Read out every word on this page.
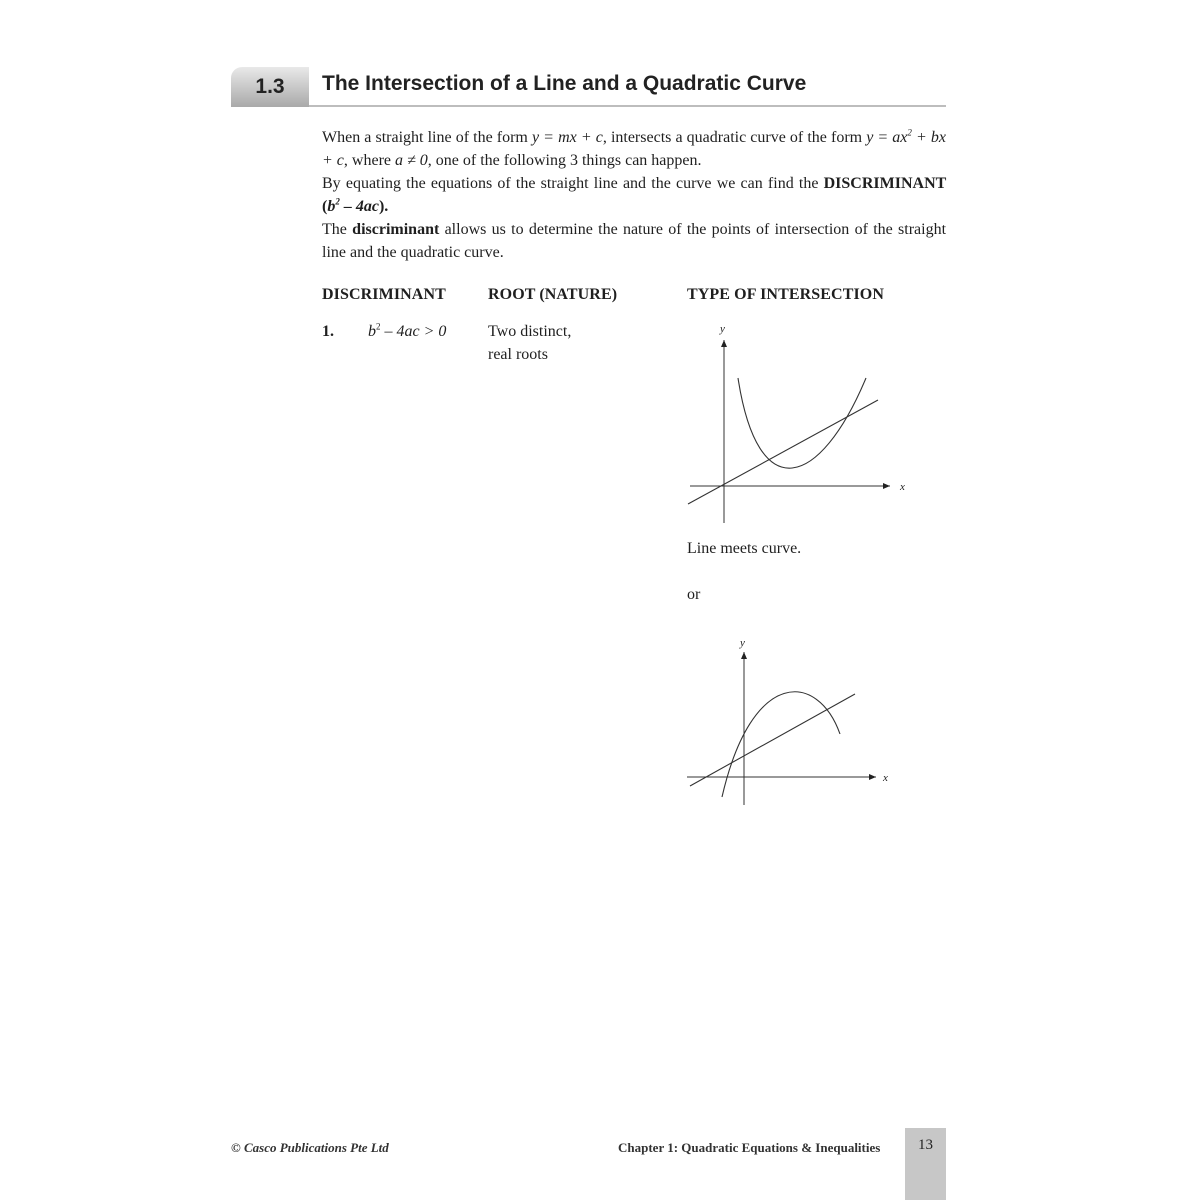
1.3 The Intersection of a Line and a Quadratic Curve

When a straight line of the form y = mx + c, intersects a quadratic curve of the form $y = ax^2$ + bx + c, where a ≠ 0, one of the following 3 things can happen.

By equating the equations of the straight line and the curve we can find the DISCRIMINANT $(b^2 - 4ac)$.

The discriminant allows us to determine the nature of the points of intersection of the straight line and the quadratic curve.

DISCRIMINANT	ROOT (NATURE)	TYPE OF INTERSECTION
1. $b^2 - 4ac > 0$	Two distinct,
real roots
x
y
Line meets curve.
or
x
y
© Casco Publications Pte Ltd	Chapter 1: Quadratic Equations & Inequalities	13
